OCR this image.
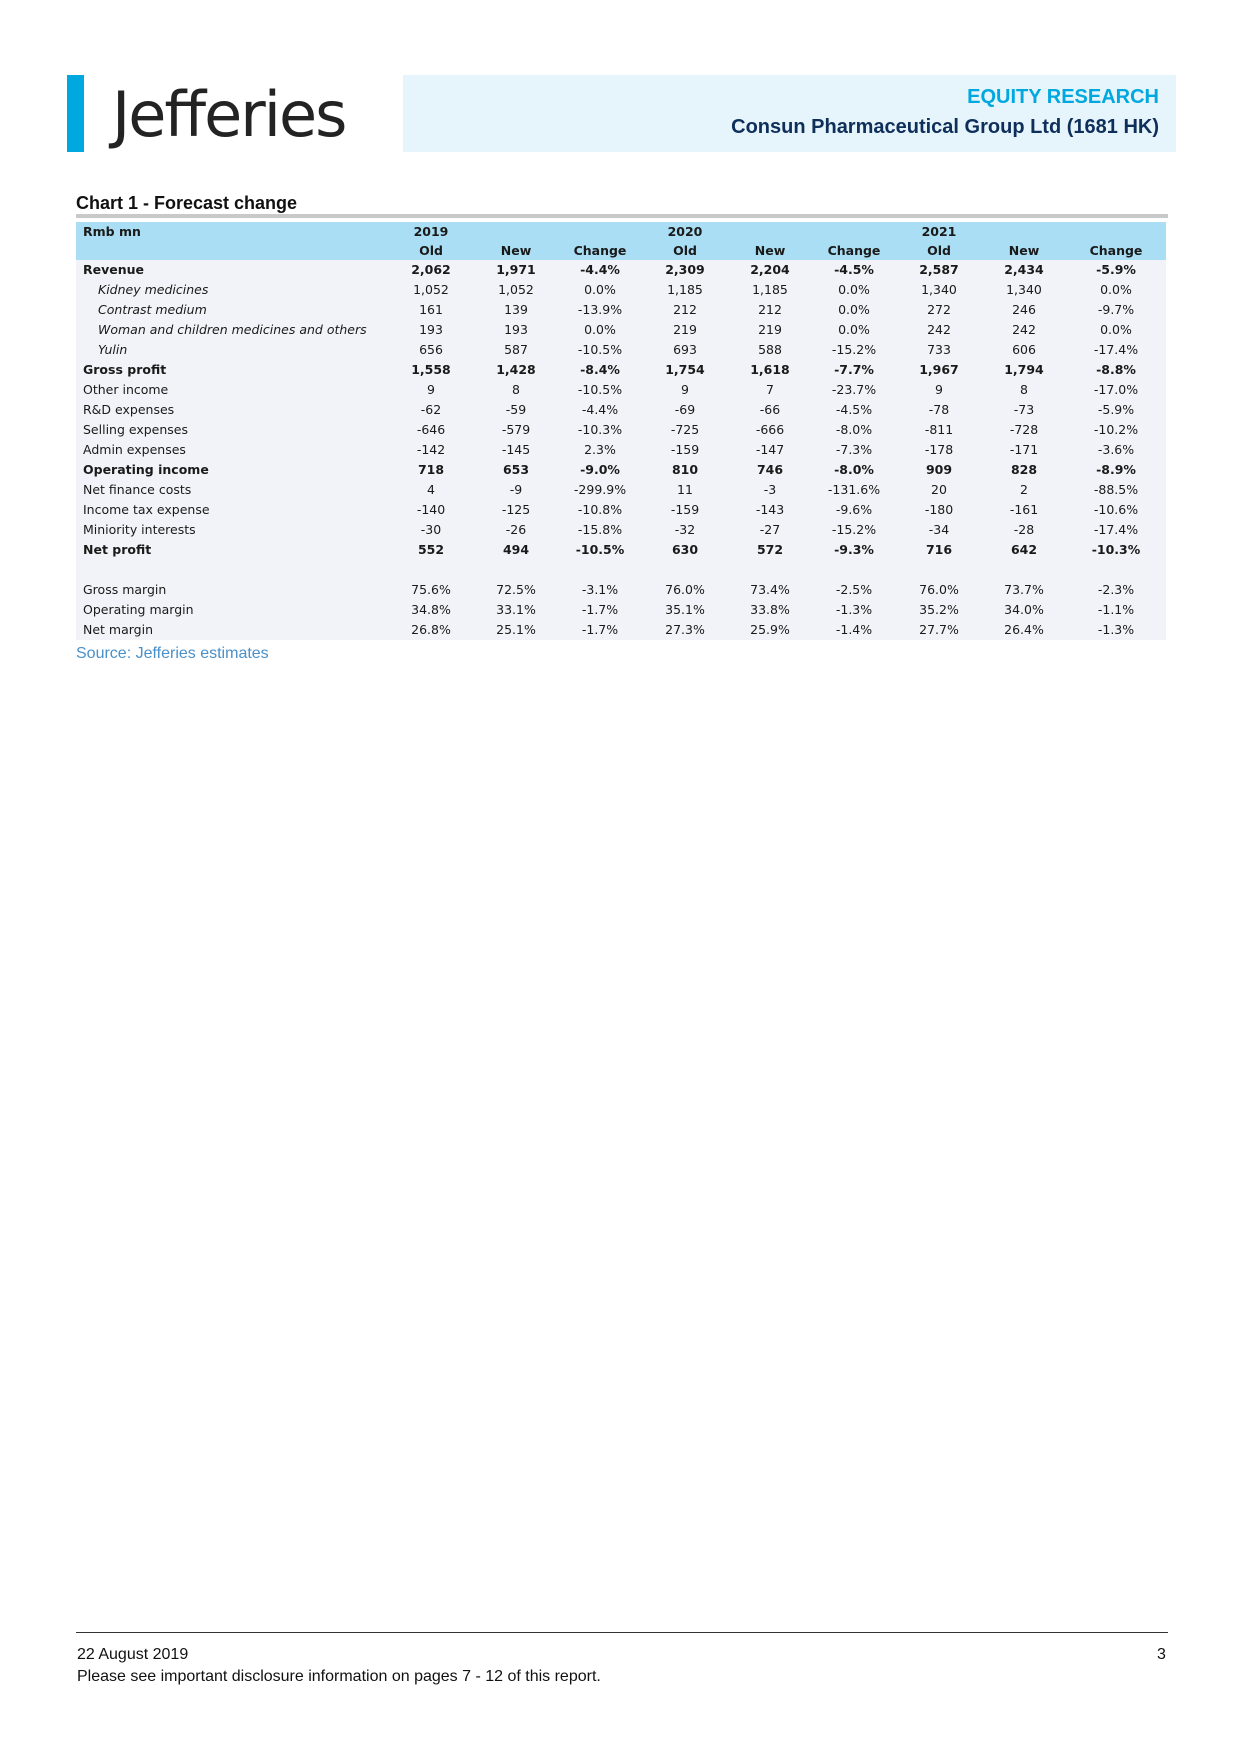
Jefferies	EQUITY RESEARCH
Consun Pharmaceutical Group Ltd (1681 HK)
Chart 1 - Forecast change
Rmb mn	2019			2020			2021		
	Old	New	Change	Old	New	Change	Old	New	Change
Revenue	2,062	1,971	-4.4%	2,309	2,204	-4.5%	2,587	2,434	-5.9%
Kidney medicines	1,052	1,052	0.0%	1,185	1,185	0.0%	1,340	1,340	0.0%
Contrast medium	161	139	-13.9%	212	212	0.0%	272	246	-9.7%
Woman and children medicines and others	193	193	0.0%	219	219	0.0%	242	242	0.0%
Yulin	656	587	-10.5%	693	588	-15.2%	733	606	-17.4%
Gross profit	1,558	1,428	-8.4%	1,754	1,618	-7.7%	1,967	1,794	-8.8%
Other income	9	8	-10.5%	9	7	-23.7%	9	8	-17.0%
R&D expenses	-62	-59	-4.4%	-69	-66	-4.5%	-78	-73	-5.9%
Selling expenses	-646	-579	-10.3%	-725	-666	-8.0%	-811	-728	-10.2%
Admin expenses	-142	-145	2.3%	-159	-147	-7.3%	-178	-171	-3.6%
Operating income	718	653	-9.0%	810	746	-8.0%	909	828	-8.9%
Net finance costs	4	-9	-299.9%	11	-3	-131.6%	20	2	-88.5%
Income tax expense	-140	-125	-10.8%	-159	-143	-9.6%	-180	-161	-10.6%
Miniority interests	-30	-26	-15.8%	-32	-27	-15.2%	-34	-28	-17.4%
Net profit	552	494	-10.5%	630	572	-9.3%	716	642	-10.3%

Gross margin	75.6%	72.5%	-3.1%	76.0%	73.4%	-2.5%	76.0%	73.7%	-2.3%
Operating margin	34.8%	33.1%	-1.7%	35.1%	33.8%	-1.3%	35.2%	34.0%	-1.1%
Net margin	26.8%	25.1%	-1.7%	27.3%	25.9%	-1.4%	27.7%	26.4%	-1.3%
Source: Jefferies estimates
22 August 2019	3
Please see important disclosure information on pages 7 - 12 of this report.
